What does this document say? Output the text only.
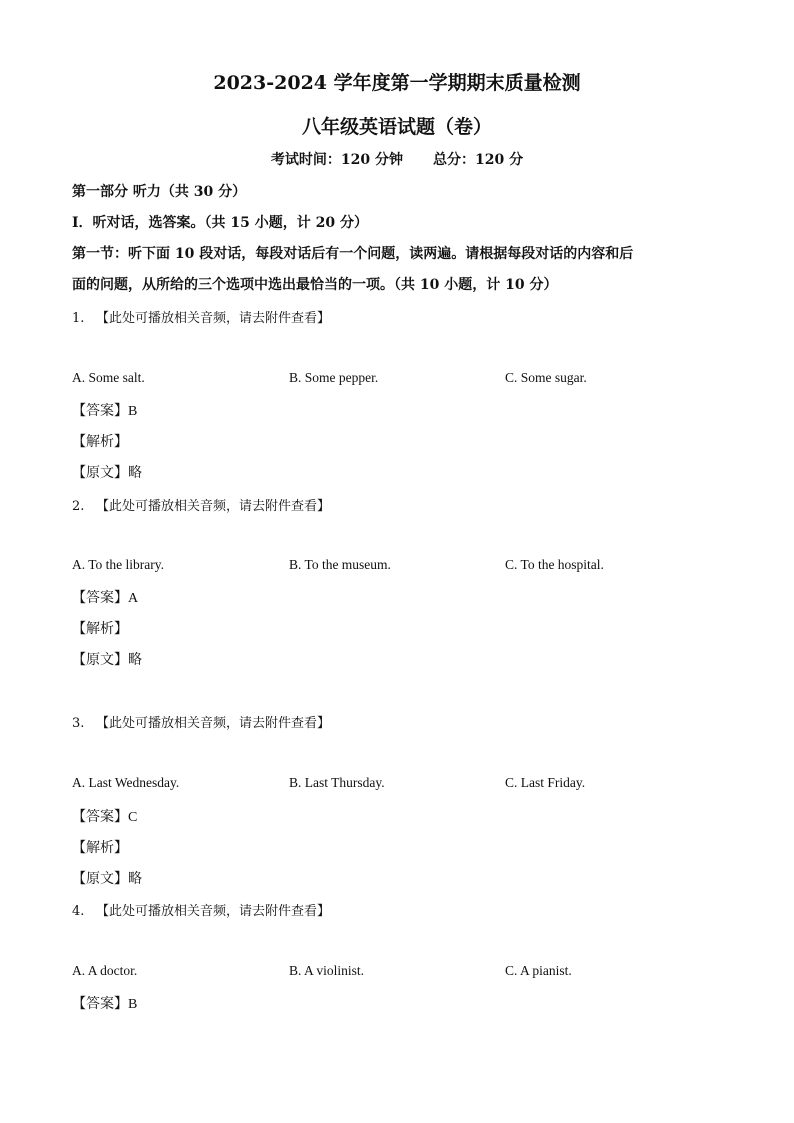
2023-2024 学年度第一学期期末质量检测
八年级英语试题（卷）
考试时间：120 分钟 总分：120 分
第一部分 听力（共 30 分）
Ⅰ．听对话，选答案。（共 15 小题，计 20 分）
第一节：听下面 10 段对话，每段对话后有一个问题，读两遍。请根据每段对话的内容和后
面的问题，从所给的三个选项中选出最恰当的一项。（共 10 小题，计 10 分）
1. 【此处可播放相关音频，请去附件查看】
A. Some salt.	B. Some pepper.	C. Some sugar.
【答案】B
【解析】
【原文】略
2. 【此处可播放相关音频，请去附件查看】
A. To the library.	B. To the museum.	C. To the hospital.
【答案】A
【解析】
【原文】略
3. 【此处可播放相关音频，请去附件查看】
A. Last Wednesday.	B. Last Thursday.	C. Last Friday.
【答案】C
【解析】
【原文】略
4. 【此处可播放相关音频，请去附件查看】
A. A doctor.	B. A violinist.	C. A pianist.
【答案】B
